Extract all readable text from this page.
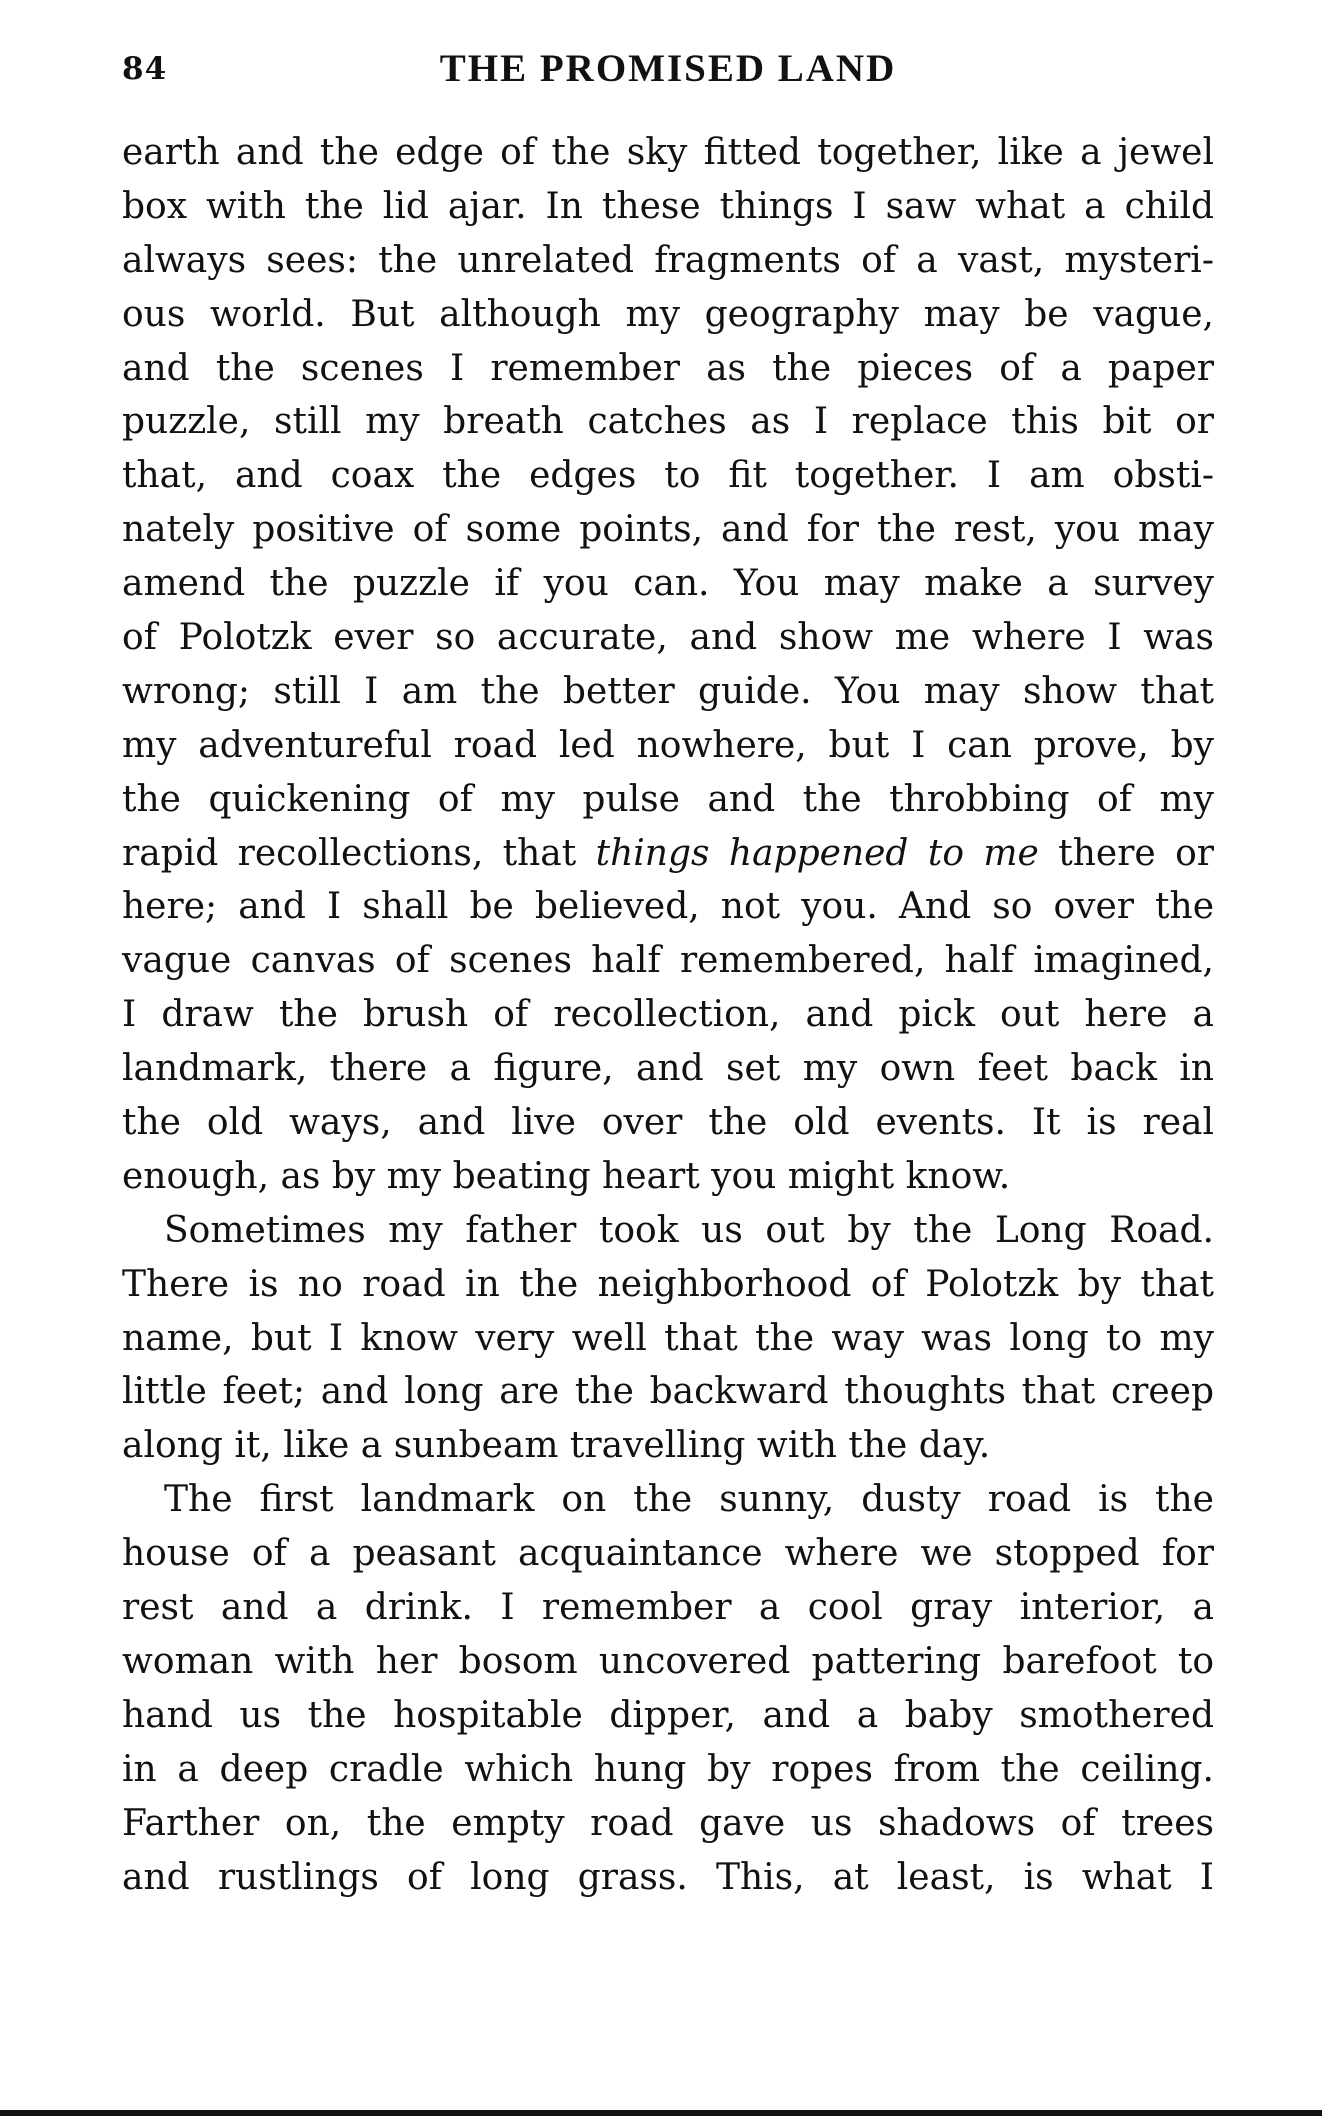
84	THE PROMISED LAND
earth and the edge of the sky fitted together, like a jewel
box with the lid ajar. In these things I saw what a child
always sees: the unrelated fragments of a vast, mysteri-
ous world. But although my geography may be vague,
and the scenes I remember as the pieces of a paper
puzzle, still my breath catches as I replace this bit or
that, and coax the edges to fit together. I am obsti-
nately positive of some points, and for the rest, you may
amend the puzzle if you can. You may make a survey
of Polotzk ever so accurate, and show me where I was
wrong; still I am the better guide. You may show that
my adventureful road led nowhere, but I can prove, by
the quickening of my pulse and the throbbing of my
rapid recollections, that things happened to me there or
here; and I shall be believed, not you. And so over the
vague canvas of scenes half remembered, half imagined,
I draw the brush of recollection, and pick out here a
landmark, there a figure, and set my own feet back in
the old ways, and live over the old events. It is real
enough, as by my beating heart you might know.
Sometimes my father took us out by the Long Road.
There is no road in the neighborhood of Polotzk by that
name, but I know very well that the way was long to my
little feet; and long are the backward thoughts that creep
along it, like a sunbeam travelling with the day.
The first landmark on the sunny, dusty road is the
house of a peasant acquaintance where we stopped for
rest and a drink. I remember a cool gray interior, a
woman with her bosom uncovered pattering barefoot to
hand us the hospitable dipper, and a baby smothered
in a deep cradle which hung by ropes from the ceiling.
Farther on, the empty road gave us shadows of trees
and rustlings of long grass. This, at least, is what I
